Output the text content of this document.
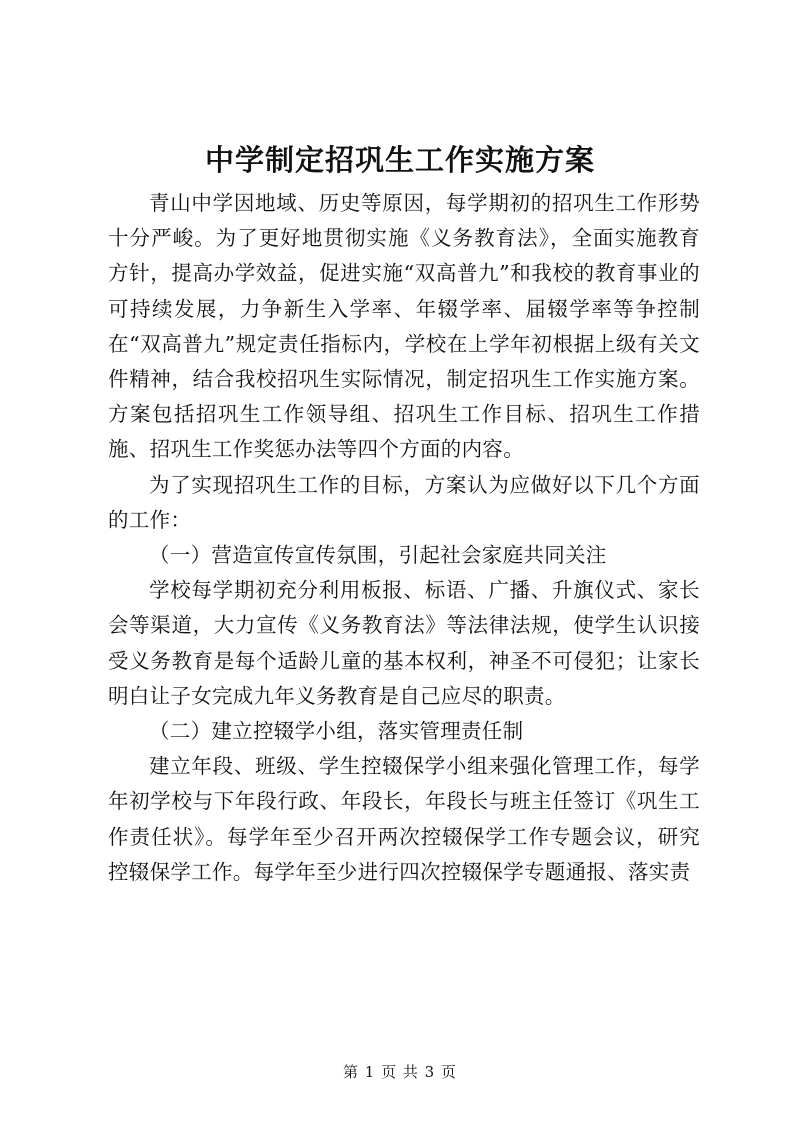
中学制定招巩生工作实施方案

青山中学因地域、历史等原因，每学期初的招巩生工作形势十分严峻。为了更好地贯彻实施《义务教育法》，全面实施教育方针，提高办学效益，促进实施“双高普九”和我校的教育事业的可持续发展，力争新生入学率、年辍学率、届辍学率等争控制在“双高普九”规定责任指标内，学校在上学年初根据上级有关文件精神，结合我校招巩生实际情况，制定招巩生工作实施方案。方案包括招巩生工作领导组、招巩生工作目标、招巩生工作措施、招巩生工作奖惩办法等四个方面的内容。

为了实现招巩生工作的目标，方案认为应做好以下几个方面的工作：

（一）营造宣传宣传氛围，引起社会家庭共同关注

学校每学期初充分利用板报、标语、广播、升旗仪式、家长会等渠道，大力宣传《义务教育法》等法律法规，使学生认识接受义务教育是每个适龄儿童的基本权利，神圣不可侵犯；让家长明白让子女完成九年义务教育是自己应尽的职责。

（二）建立控辍学小组，落实管理责任制

建立年段、班级、学生控辍保学小组来强化管理工作，每学年初学校与下年段行政、年段长，年段长与班主任签订《巩生工作责任状》。每学年至少召开两次控辍保学工作专题会议，研究控辍保学工作。每学年至少进行四次控辍保学专题通报、落实责

第 1 页 共 3 页
